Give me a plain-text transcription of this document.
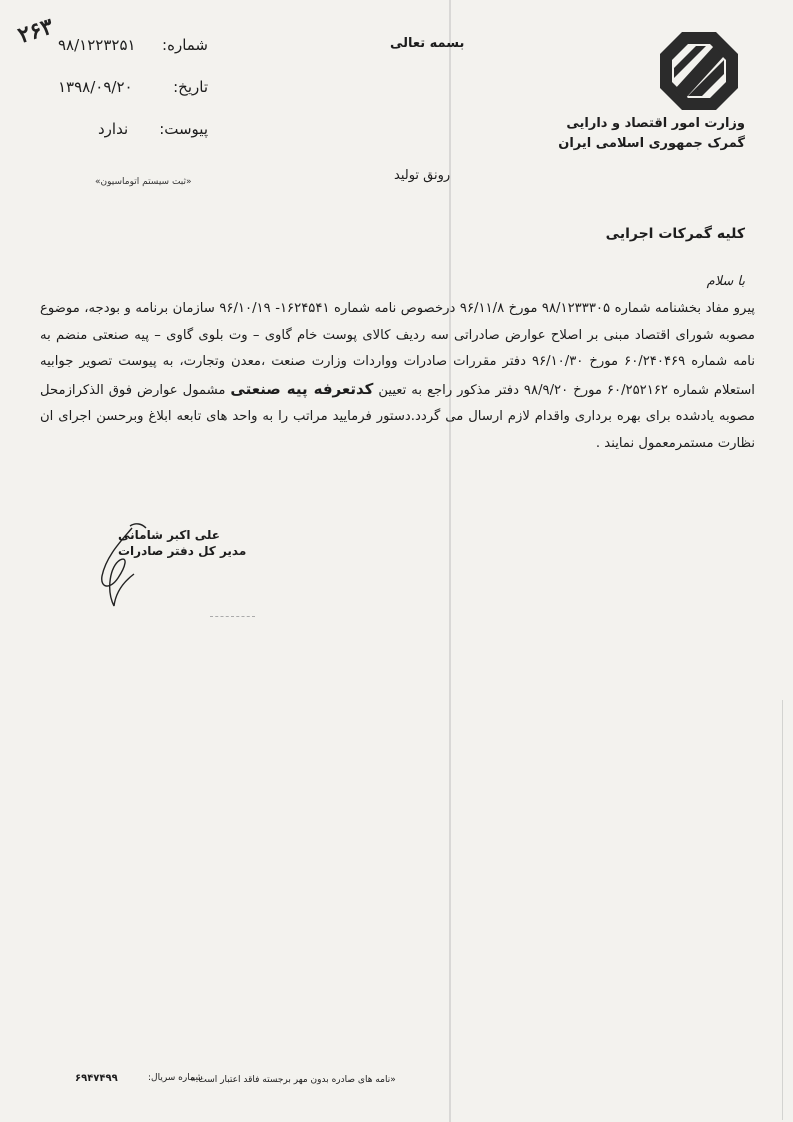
وزارت امور اقتصاد و دارایی
گمرک جمهوری اسلامی ایران
بسمه تعالی
۲۶۳	شماره:
۹۸/۱۲۲۳۲۵۱
تاریخ:
۱۳۹۸/۰۹/۲۰
پیوست:
ندارد
«ثبت سیستم اتوماسیون»	رونق تولید
کلیه گمرکات اجرایی
با سلام
پیرو مفاد بخشنامه شماره ۹۸/۱۲۳۳۳۰۵ مورخ ۹۶/۱۱/۸ درخصوص نامه شماره ۱۶۲۴۵۴۱- ۹۶/۱۰/۱۹ سازمان برنامه و بودجه، موضوع مصوبه شورای اقتصاد مبنی بر اصلاح عوارض صادراتی سه ردیف کالای پوست خام گاوی – وت بلوی گاوی – پیه صنعتی منضم به نامه شماره ۶۰/۲۴۰۴۶۹ مورخ ۹۶/۱۰/۳۰ دفتر مقررات صادرات وواردات وزارت صنعت ،معدن وتجارت، به پیوست تصویر جوابیه استعلام شماره ۶۰/۲۵۲۱۶۲ مورخ ۹۸/۹/۲۰ دفتر مذکور راجع به تعیین کدتعرفه پیه صنعتی مشمول عوارض فوق الذکرازمحل مصوبه یادشده برای بهره برداری واقدام لازم ارسال می گردد.دستور فرمایید مراتب را به واحد های تابعه ابلاغ وبرحسن اجرای ان نظارت مستمرمعمول نمایند .
علی اکبر شامانی
مدیر کل دفتر صادرات
«نامه های صادره بدون مهر برجسته فاقد اعتبار است.»
شماره سریال:
۶۹۴۷۴۹۹
